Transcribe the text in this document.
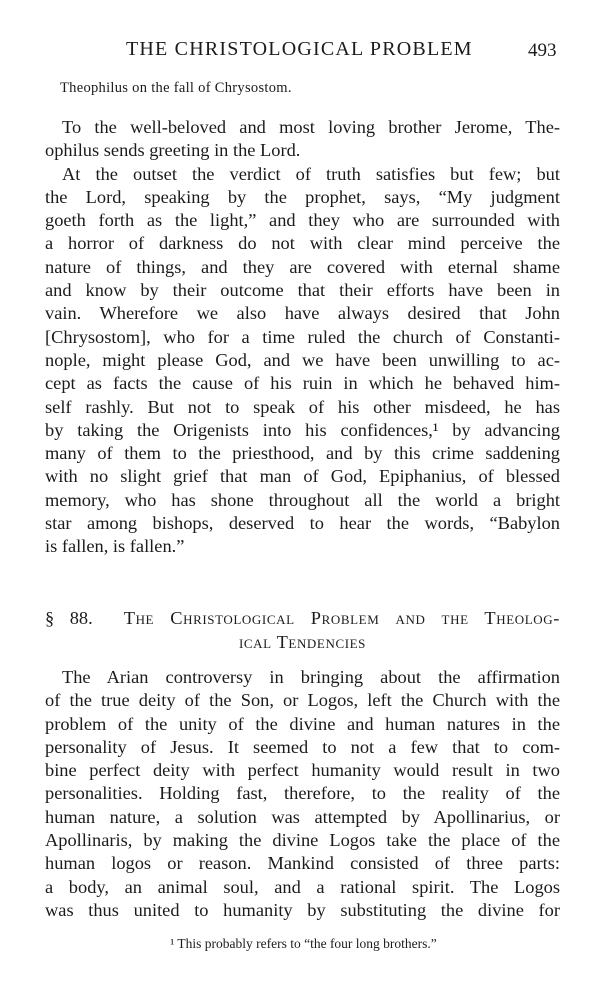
THE CHRISTOLOGICAL PROBLEM	493
Theophilus on the fall of Chrysostom.
To the well-beloved and most loving brother Jerome, The-
ophilus sends greeting in the Lord.
At the outset the verdict of truth satisfies but few; but
the Lord, speaking by the prophet, says, “My judgment
goeth forth as the light,” and they who are surrounded with
a horror of darkness do not with clear mind perceive the
nature of things, and they are covered with eternal shame
and know by their outcome that their efforts have been in
vain. Wherefore we also have always desired that John
[Chrysostom], who for a time ruled the church of Constanti-
nople, might please God, and we have been unwilling to ac-
cept as facts the cause of his ruin in which he behaved him-
self rashly. But not to speak of his other misdeed, he has
by taking the Origenists into his confidences,¹ by advancing
many of them to the priesthood, and by this crime saddening
with no slight grief that man of God, Epiphanius, of blessed
memory, who has shone throughout all the world a bright
star among bishops, deserved to hear the words, “Babylon
is fallen, is fallen.”
§ 88. The Christological Problem and the Theolog-
ical Tendencies
The Arian controversy in bringing about the affirmation
of the true deity of the Son, or Logos, left the Church with the
problem of the unity of the divine and human natures in the
personality of Jesus. It seemed to not a few that to com-
bine perfect deity with perfect humanity would result in two
personalities. Holding fast, therefore, to the reality of the
human nature, a solution was attempted by Apollinarius, or
Apollinaris, by making the divine Logos take the place of the
human logos or reason. Mankind consisted of three parts:
a body, an animal soul, and a rational spirit. The Logos
was thus united to humanity by substituting the divine for
¹ This probably refers to “the four long brothers.”
